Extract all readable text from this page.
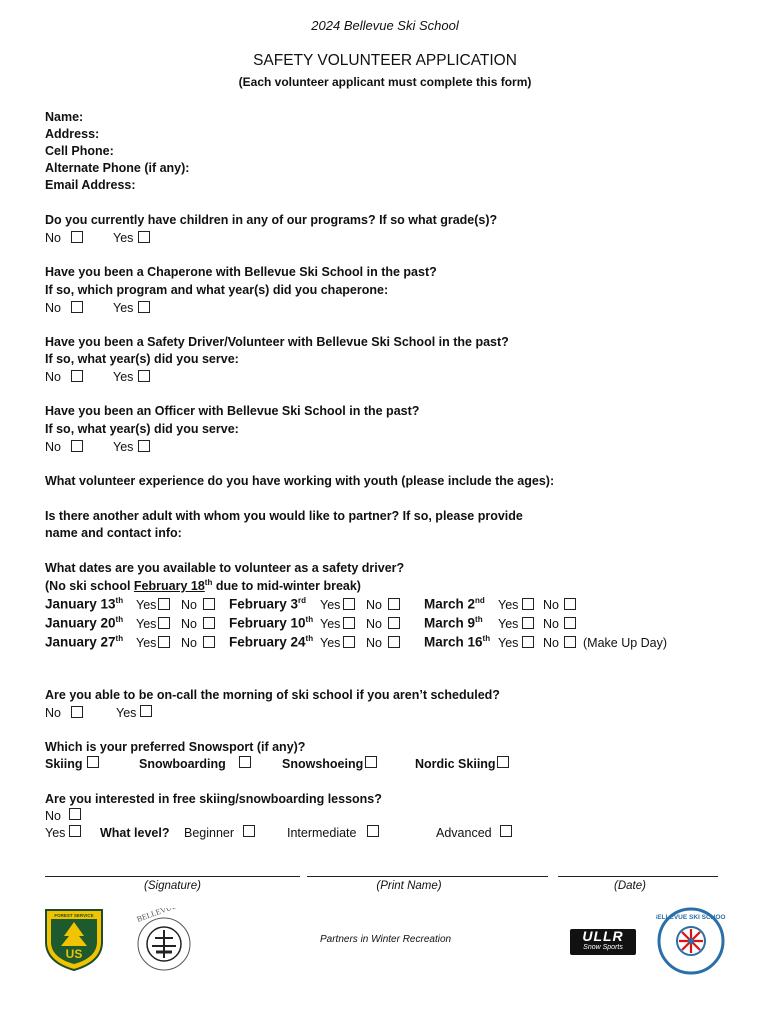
2024 Bellevue Ski School
SAFETY VOLUNTEER APPLICATION
(Each volunteer applicant must complete this form)
Name:
Address:
Cell Phone:
Alternate Phone (if any):
Email Address:
Do you currently have children in any of our programs? If so what grade(s)?
No	Yes
Have you been a Chaperone with Bellevue Ski School in the past?
If so, which program and what year(s) did you chaperone:
No	Yes
Have you been a Safety Driver/Volunteer with Bellevue Ski School in the past?
If so, what year(s) did you serve:
No	Yes
Have you been an Officer with Bellevue Ski School in the past?
If so, what year(s) did you serve:
No	Yes
What volunteer experience do you have working with youth (please include the ages):
Is there another adult with whom you would like to partner? If so, please provide
name and contact info:
What dates are you available to volunteer as a safety driver?
(No ski school February 18th due to mid-winter break)
January 13th Yes No February 3rd Yes No	March 2nd Yes No
January 20th Yes No February 10th Yes No	March 9th Yes No
January 27th Yes No February 24th Yes No	March 16th Yes No (Make Up Day)
Are you able to be on-call the morning of ski school if you aren’t scheduled?
No	Yes
Which is your preferred Snowsport (if any)?
Skiing	Snowboarding	Snowshoeing	Nordic Skiing
Are you interested in free skiing/snowboarding lessons?
No
Yes	What level? Beginner	Intermediate	Advanced
(Signature)	(Print Name)	(Date)
US
FOREST SERVICE
Partners in Winter Recreation	ULLR
Snow Sports
BELLEVUE SKI SCHOOL
